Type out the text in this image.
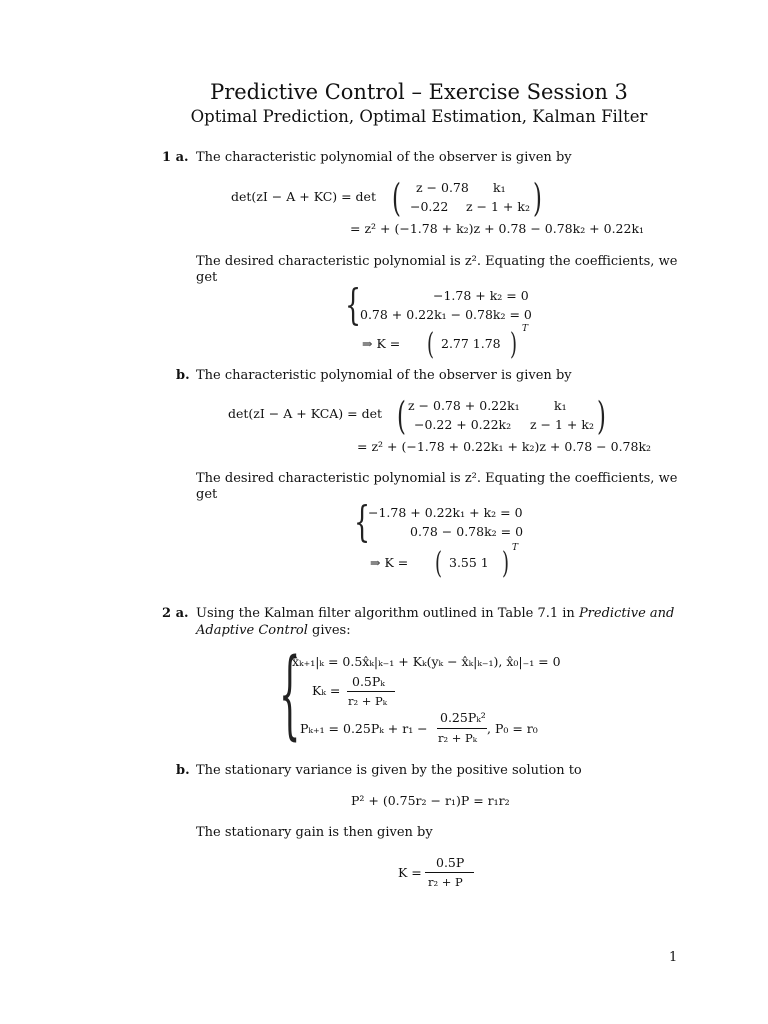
Predictive Control – Exercise Session 3
Optimal Prediction, Optimal Estimation, Kalman Filter
1 a. The characteristic polynomial of the observer is given by
det(zI − A + KC) = det ( z − 0.78 k₁
−0.22 z − 1 + k₂ )
= z² + (−1.78 + k₂)z + 0.78 − 0.78k₂ + 0.22k₁
The desired characteristic polynomial is z². Equating the coefficients, we
get
{	−1.78 + k₂ = 0
0.78 + 0.22k₁ − 0.78k₂ = 0
⇒ K = ( 2.77 1.78 ) T
b. The characteristic polynomial of the observer is given by
det(zI − A + KCA) = det ( z − 0.78 + 0.22k₁	k₁
−0.22 + 0.22k₂ z − 1 + k₂ )
= z² + (−1.78 + 0.22k₁ + k₂)z + 0.78 − 0.78k₂
The desired characteristic polynomial is z². Equating the coefficients, we
get
{
−1.78 + 0.22k₁ + k₂ = 0
0.78 − 0.78k₂ = 0
⇒ K = ( 3.55 1 ) T
2 a. Using the Kalman filter algorithm outlined in Table 7.1 in Predictive and
Adaptive Control gives:
{
x̂ₖ₊₁|ₖ = 0.5x̂ₖ|ₖ₋₁ + Kₖ(yₖ − x̂ₖ|ₖ₋₁), x̂₀|₋₁ = 0
Kₖ =
0.5Pₖ
r₂ + Pₖ
Pₖ₊₁ = 0.25Pₖ + r₁ −
0.25Pₖ²
r₂ + Pₖ
, P₀ = r₀
b. The stationary variance is given by the positive solution to
P² + (0.75r₂ − r₁)P = r₁r₂
The stationary gain is then given by
K =
0.5P
r₂ + P
1
